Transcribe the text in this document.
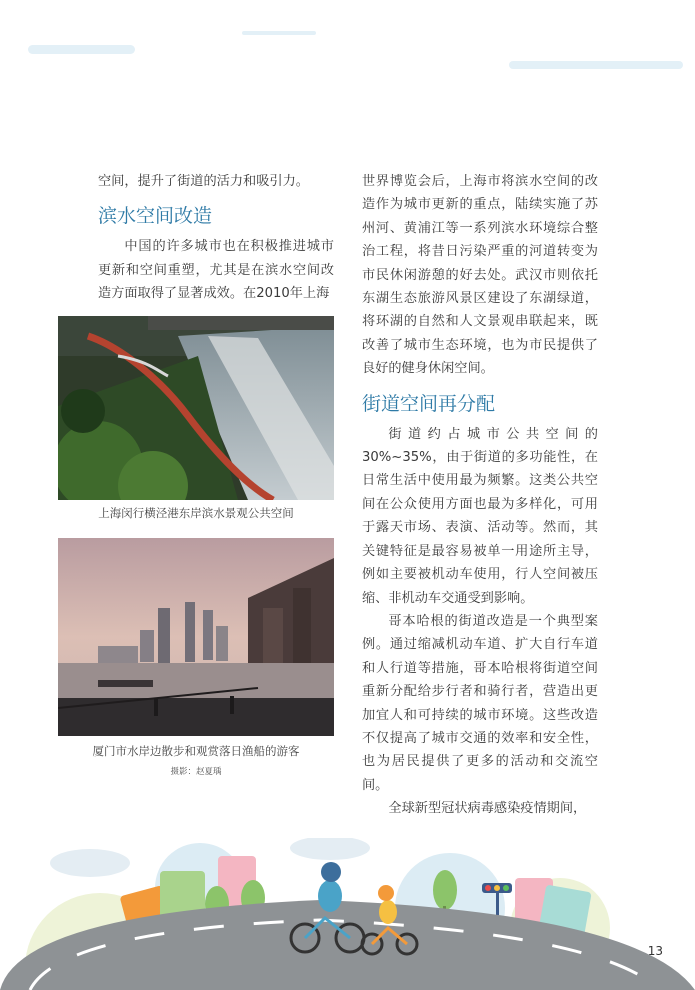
空间，提升了街道的活力和吸引力。

滨水空间改造

中国的许多城市也在积极推进城市更新和空间重塑，尤其是在滨水空间改造方面取得了显著成效。在2010年上海

上海闵行横泾港东岸滨水景观公共空间
厦门市水岸边散步和观赏落日渔船的游客
摄影：赵夏瑀

世界博览会后，上海市将滨水空间的改造作为城市更新的重点，陆续实施了苏州河、黄浦江等一系列滨水环境综合整治工程，将昔日污染严重的河道转变为市民休闲游憩的好去处。武汉市则依托东湖生态旅游风景区建设了东湖绿道，将环湖的自然和人文景观串联起来，既改善了城市生态环境，也为市民提供了良好的健身休闲空间。

街道空间再分配

街道约占城市公共空间的30%~35%，由于街道的多功能性，在日常生活中使用最为频繁。这类公共空间在公众使用方面也最为多样化，可用于露天市场、表演、活动等。然而，其关键特征是最容易被单一用途所主导，例如主要被机动车使用，行人空间被压缩、非机动车交通受到影响。

哥本哈根的街道改造是一个典型案例。通过缩减机动车道、扩大自行车道和人行道等措施，哥本哈根将街道空间重新分配给步行者和骑行者，营造出更加宜人和可持续的城市环境。这些改造不仅提高了城市交通的效率和安全性，也为居民提供了更多的活动和交流空间。

全球新型冠状病毒感染疫情期间，

13
